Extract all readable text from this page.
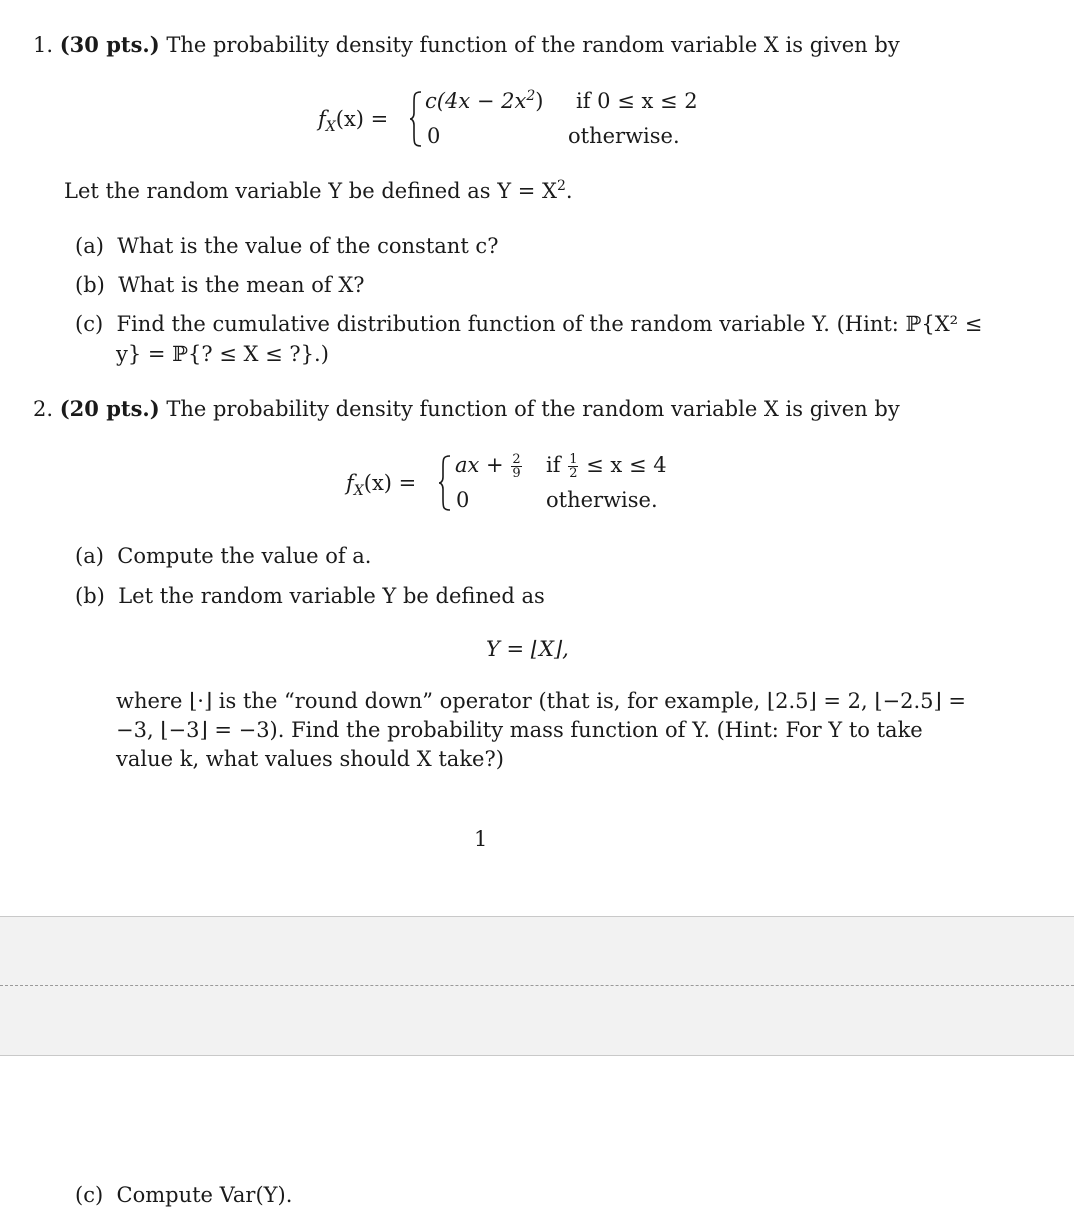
1. (30 pts.) The probability density function of the random variable X is given by
$f_X(x)$ =
$c(4x - 2x^2)$ if 0 ≤ x ≤ 2
0	otherwise.
Let the random variable Y be defined as $Y = X^2$.
(a) What is the value of the constant c?
(b) What is the mean of X?
(c) Find the cumulative distribution function of the random variable Y. (Hint: ℙ{X² ≤
y} = ℙ{? ≤ X ≤ ?}.)
2. (20 pts.) The probability density function of the random variable X is given by
$f_X(x)$ =
ax + $\frac{2}{9}$ if $\frac{1}{2} \le x \le 4$
0	otherwise.
(a) Compute the value of a.
(b) Let the random variable Y be defined as
Y = ⌊X⌋,
where ⌊·⌋ is the “round down” operator (that is, for example, ⌊2.5⌋ = 2, ⌊−2.5⌋ =
−3, ⌊−3⌋ = −3). Find the probability mass function of Y. (Hint: For Y to take
value k, what values should X take?)
1
(c) Compute Var(Y).
